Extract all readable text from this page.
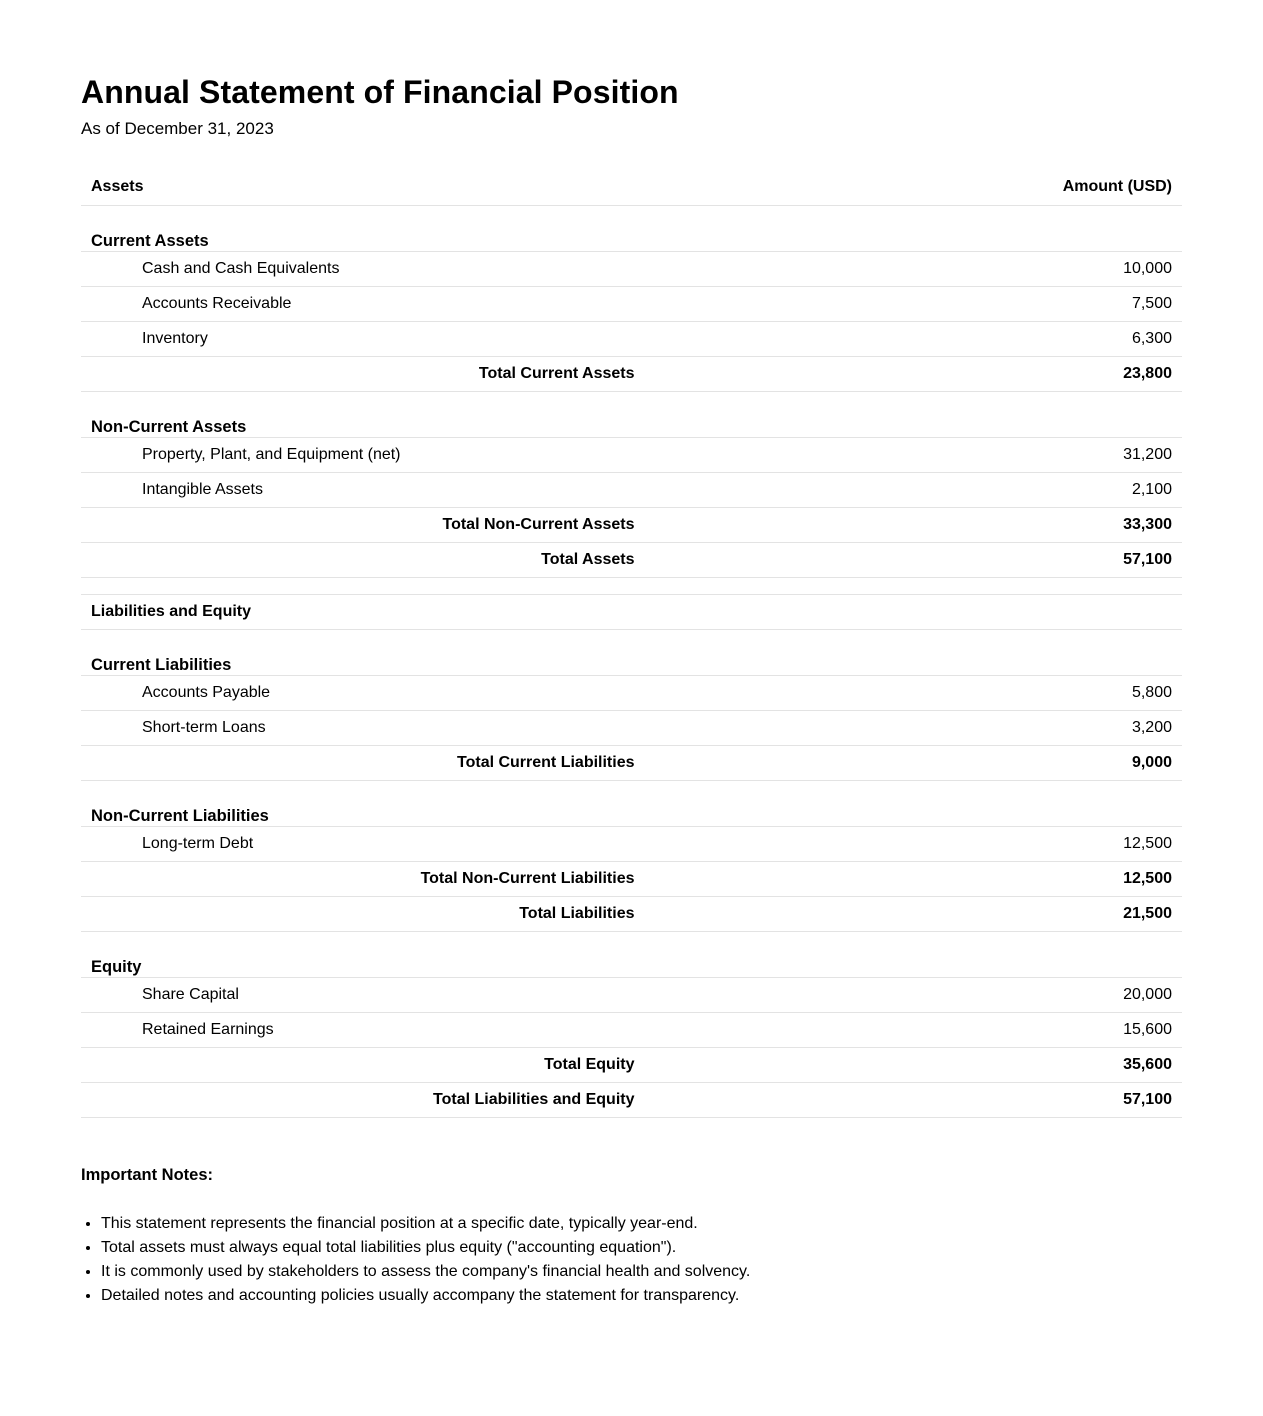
Annual Statement of Financial Position

As of December 31, 2023

Assets	Amount (USD)
Current Assets	
Cash and Cash Equivalents	10,000
Accounts Receivable	7,500
Inventory	6,300
Total Current Assets	23,800
Non-Current Assets	
Property, Plant, and Equipment (net)	31,200
Intangible Assets	2,100
Total Non-Current Assets	33,300
Total Assets	57,100

Liabilities and Equity	
Current Liabilities	
Accounts Payable	5,800
Short-term Loans	3,200
Total Current Liabilities	9,000
Non-Current Liabilities	
Long-term Debt	12,500
Total Non-Current Liabilities	12,500
Total Liabilities	21,500
Equity	
Share Capital	20,000
Retained Earnings	15,600
Total Equity	35,600
Total Liabilities and Equity	57,100
Important Notes:
• This statement represents the financial position at a specific date, typically year-end.
• Total assets must always equal total liabilities plus equity ("accounting equation").
• It is commonly used by stakeholders to assess the company's financial health and solvency.
• Detailed notes and accounting policies usually accompany the statement for transparency.
